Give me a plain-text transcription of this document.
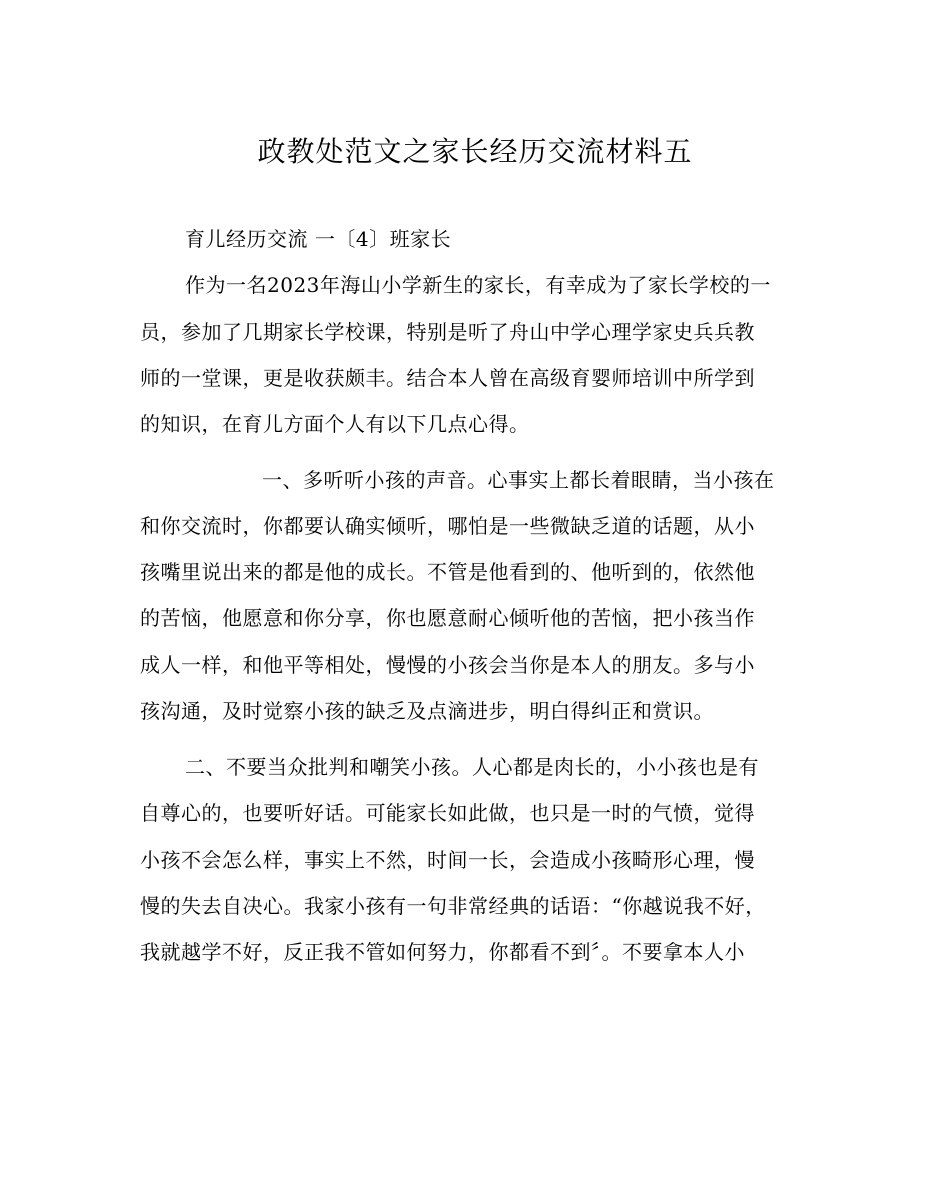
政教处范文之家长经历交流材料五
育儿经历交流 一〔4〕班家长
作为一名2023年海山小学新生的家长，有幸成为了家长学校的一
员，参加了几期家长学校课，特别是听了舟山中学心理学家史兵兵教
师的一堂课，更是收获颇丰。结合本人曾在高级育婴师培训中所学到
的知识，在育儿方面个人有以下几点心得。
一、多听听小孩的声音。心事实上都长着眼睛，当小孩在
和你交流时，你都要认确实倾听，哪怕是一些微缺乏道的话题，从小
孩嘴里说出来的都是他的成长。不管是他看到的、他听到的，依然他
的苦恼，他愿意和你分享，你也愿意耐心倾听他的苦恼，把小孩当作
成人一样，和他平等相处，慢慢的小孩会当你是本人的朋友。多与小
孩沟通，及时觉察小孩的缺乏及点滴进步，明白得纠正和赏识。
二、不要当众批判和嘲笑小孩。人心都是肉长的，小小孩也是有
自尊心的，也要听好话。可能家长如此做，也只是一时的气愤，觉得
小孩不会怎么样，事实上不然，时间一长，会造成小孩畸形心理，慢
慢的失去自决心。我家小孩有一句非常经典的话语：“你越说我不好，
我就越学不好，反正我不管如何努力，你都看不到〞。不要拿本人小
